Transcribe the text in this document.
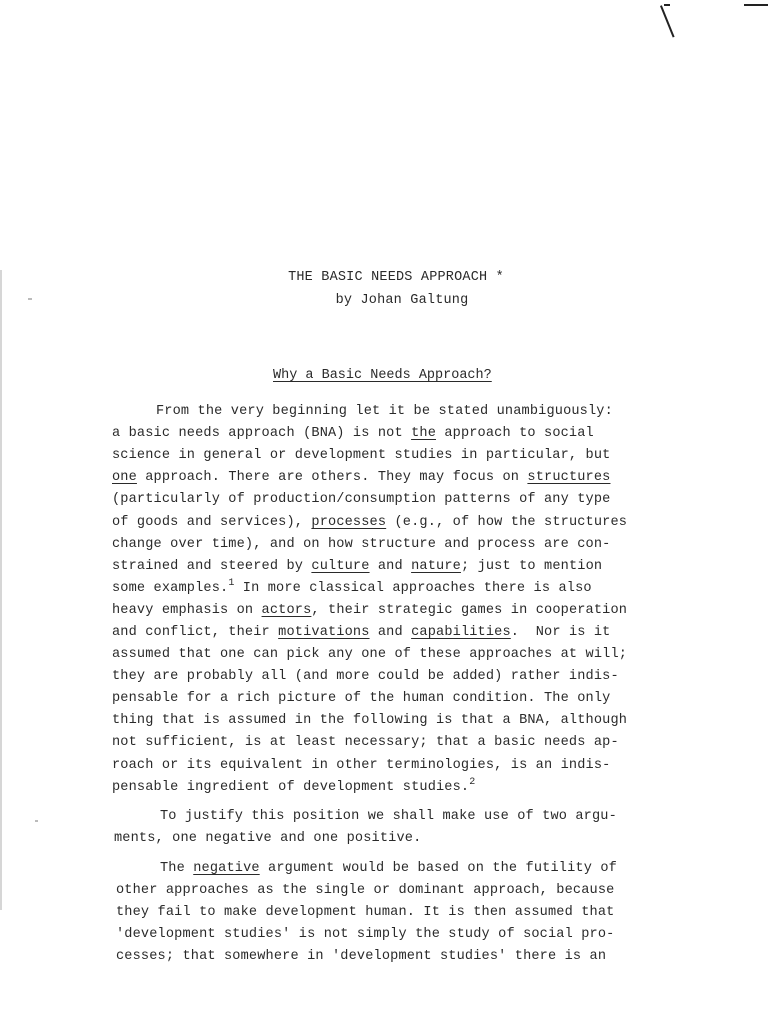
THE BASIC NEEDS APPROACH *
by Johan Galtung
Why a Basic Needs Approach?
From the very beginning let it be stated unambiguously:
a basic needs approach (BNA) is not the approach to social
science in general or development studies in particular, but
one approach. There are others. They may focus on structures
(particularly of production/consumption patterns of any type
of goods and services), processes (e.g., of how the structures
change over time), and on how structure and process are con-
strained and steered by culture and nature; just to mention
some examples.$^1$ In more classical approaches there is also
heavy emphasis on actors, their strategic games in cooperation
and conflict, their motivations and capabilities.  Nor is it
assumed that one can pick any one of these approaches at will;
they are probably all (and more could be added) rather indis-
pensable for a rich picture of the human condition. The only
thing that is assumed in the following is that a BNA, although
not sufficient, is at least necessary; that a basic needs ap-
roach or its equivalent in other terminologies, is an indis-
pensable ingredient of development studies.$^2$
To justify this position we shall make use of two argu-
ments, one negative and one positive.
The negative argument would be based on the futility of
other approaches as the single or dominant approach, because
they fail to make development human. It is then assumed that
'development studies' is not simply the study of social pro-
cesses; that somewhere in 'development studies' there is an
